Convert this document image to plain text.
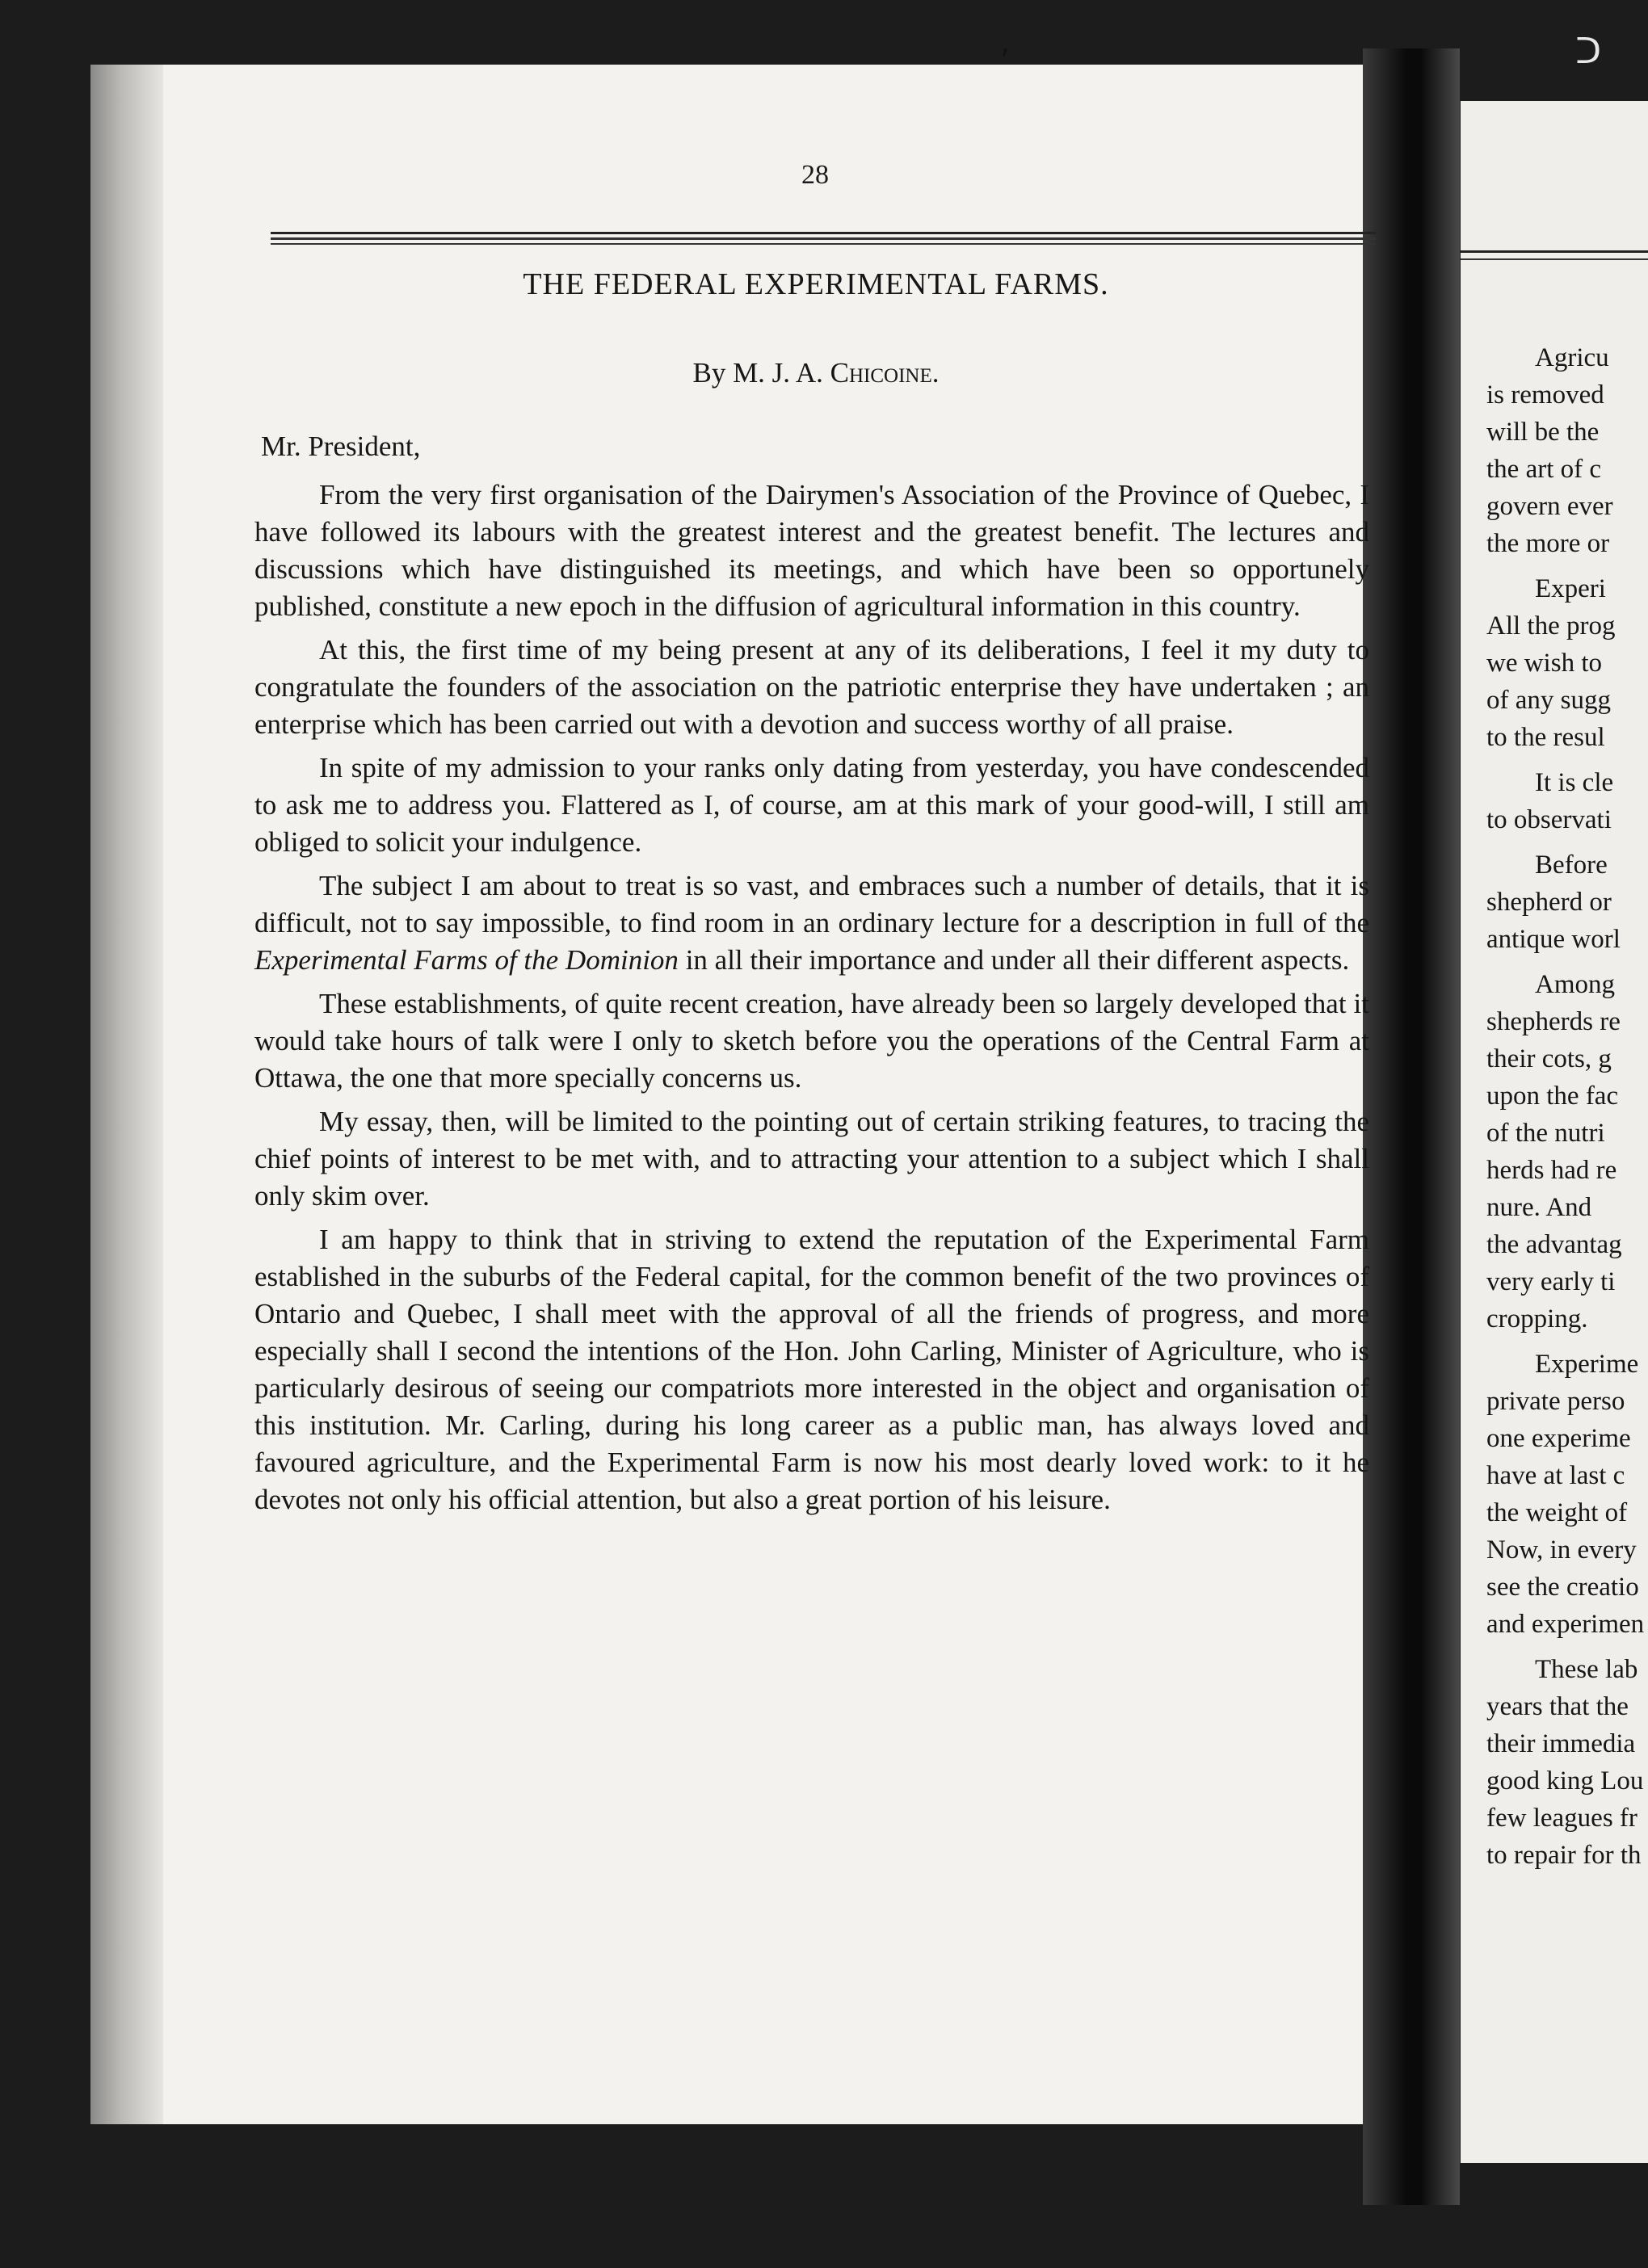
Agricu
is removed
will be the
the art of c
govern ever
the more or
Experi
All the prog
we wish to
of any sugg
to the resul
It is cle
to observati
Before
shepherd or
antique worl
Among
shepherds re
their cots, g
upon the fac
of the nutri
herds had re
nure. And
the advantag
very early ti
cropping.
Experime
private perso
one experime
have at last c
the weight of
Now, in every
see the creatio
and experimen
These lab
years that the
their immedia
good king Lou
few leagues fr
to repair for th
28
THE FEDERAL EXPERIMENTAL FARMS.
By M. J. A. Chicoine.

Mr. President,

From the very first organisation of the Dairymen's Association of the Province of Quebec, I have followed its labours with the greatest interest and the greatest benefit. The lectures and discussions which have distinguished its meetings, and which have been so opportunely published, constitute a new epoch in the diffusion of agricultural information in this country.

At this, the first time of my being present at any of its deliberations, I feel it my duty to congratulate the founders of the association on the patriotic enterprise they have undertaken ; an enterprise which has been carried out with a devotion and success worthy of all praise.

In spite of my admission to your ranks only dating from yesterday, you have condescended to ask me to address you. Flattered as I, of course, am at this mark of your good-will, I still am obliged to solicit your indulgence.

The subject I am about to treat is so vast, and embraces such a number of details, that it is difficult, not to say impossible, to find room in an ordinary lecture for a description in full of the Experimental Farms of the Dominion in all their importance and under all their different aspects.

These establishments, of quite recent creation, have already been so largely developed that it would take hours of talk were I only to sketch before you the operations of the Central Farm at Ottawa, the one that more specially concerns us.

My essay, then, will be limited to the pointing out of certain striking features, to tracing the chief points of interest to be met with, and to attracting your attention to a subject which I shall only skim over.

I am happy to think that in striving to extend the reputation of the Experimental Farm established in the suburbs of the Federal capital, for the common benefit of the two provinces of Ontario and Quebec, I shall meet with the approval of all the friends of progress, and more especially shall I second the intentions of the Hon. John Carling, Minister of Agriculture, who is particularly desirous of seeing our compatriots more interested in the object and organisation of this institution. Mr. Carling, during his long career as a public man, has always loved and favoured agriculture, and the Experimental Farm is now his most dearly loved work: to it he devotes not only his official attention, but also a great portion of his leisure.

ʹ	ᑐ
